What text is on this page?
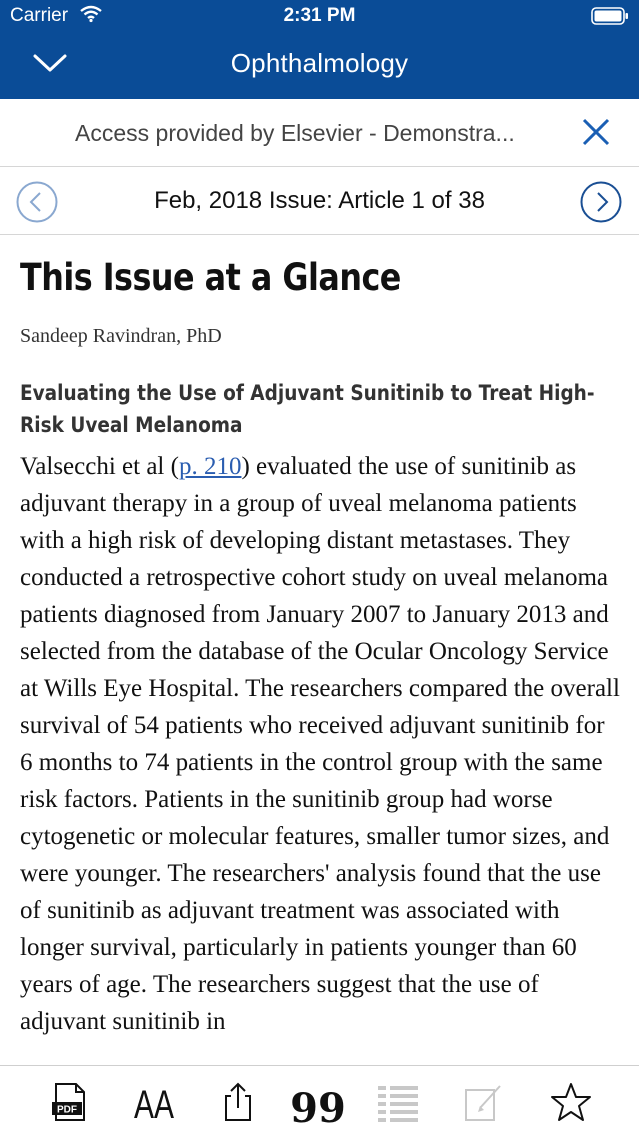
Carrier	2:31 PM
Ophthalmology
Access provided by Elsevier - Demonstra...
Feb, 2018 Issue: Article 1 of 38
This Issue at a Glance
Sandeep Ravindran, PhD
Evaluating the Use of Adjuvant Sunitinib to Treat High-Risk Uveal Melanoma
Valsecchi et al (p. 210) evaluated the use of sunitinib as adjuvant therapy in a group of uveal melanoma patients with a high risk of developing distant metastases. They conducted a retrospective cohort study on uveal melanoma patients diagnosed from January 2007 to January 2013 and selected from the database of the Ocular Oncology Service at Wills Eye Hospital. The researchers compared the overall survival of 54 patients who received adjuvant sunitinib for 6 months to 74 patients in the control group with the same risk factors. Patients in the sunitinib group had worse cytogenetic or molecular features, smaller tumor sizes, and were younger. The researchers' analysis found that the use of sunitinib as adjuvant treatment was associated with longer survival, particularly in patients younger than 60 years of age. The researchers suggest that the use of adjuvant sunitinib in
PDF AA	99
